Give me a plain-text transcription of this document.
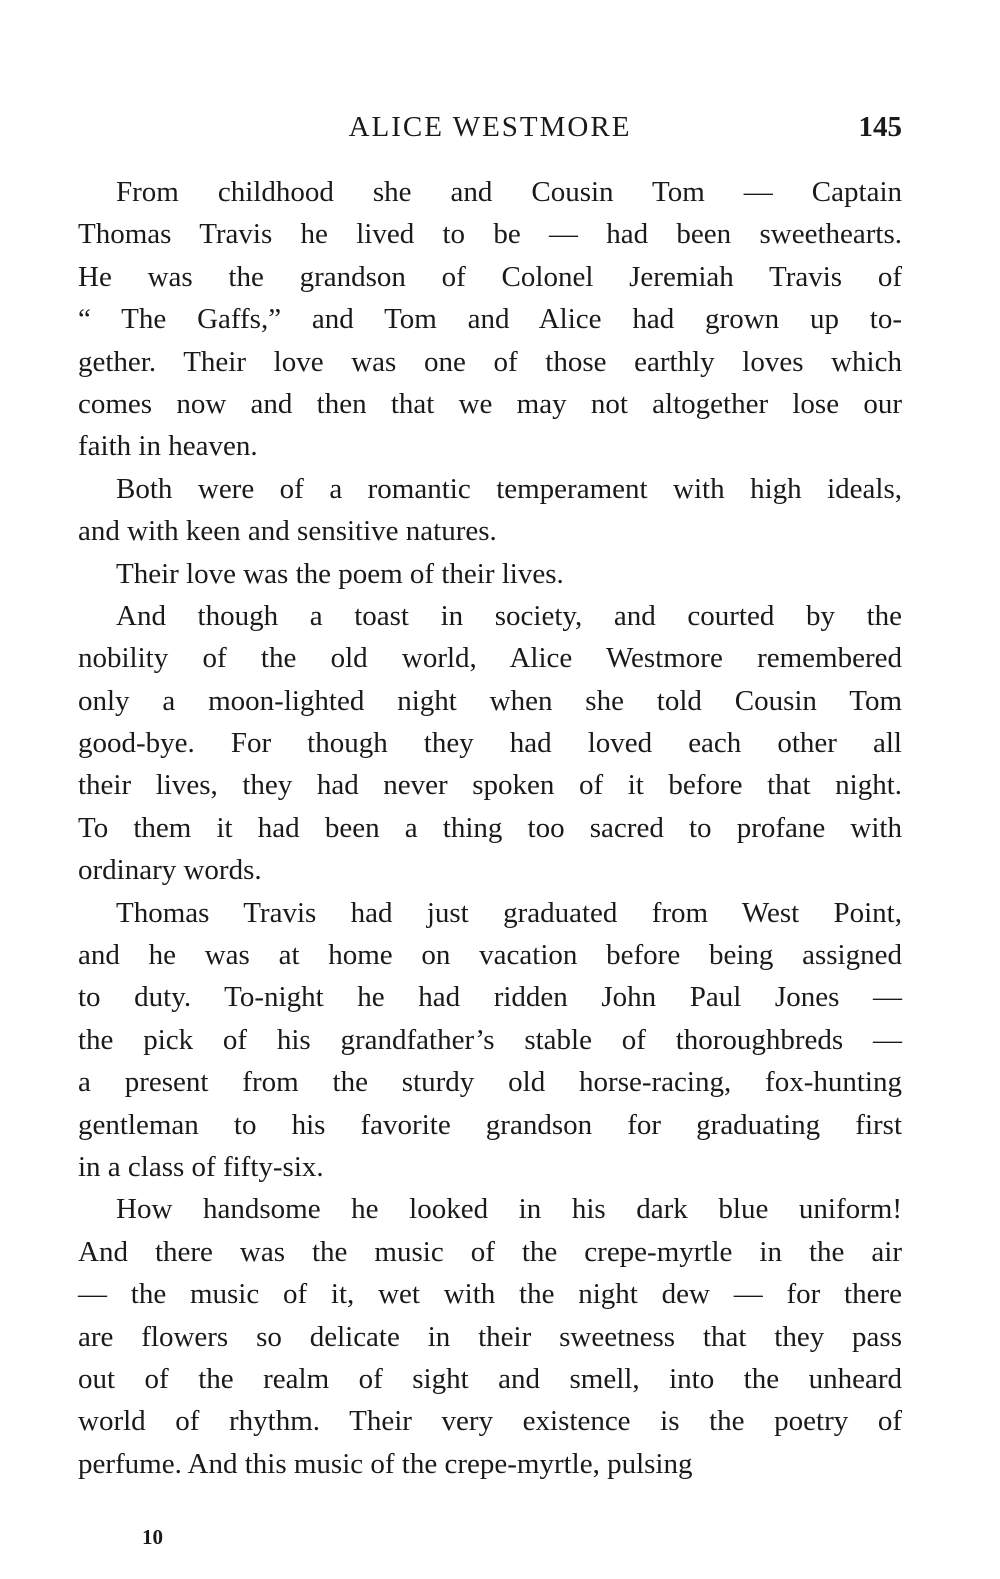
ALICE WESTMORE	145
From childhood she and Cousin Tom — Captain
Thomas Travis he lived to be — had been sweethearts.
He was the grandson of Colonel Jeremiah Travis of
“ The Gaffs,” and Tom and Alice had grown up to-
gether. Their love was one of those earthly loves which
comes now and then that we may not altogether lose our
faith in heaven.
Both were of a romantic temperament with high ideals,
and with keen and sensitive natures.
Their love was the poem of their lives.
And though a toast in society, and courted by the
nobility of the old world, Alice Westmore remembered
only a moon-lighted night when she told Cousin Tom
good-bye. For though they had loved each other all
their lives, they had never spoken of it before that night.
To them it had been a thing too sacred to profane with
ordinary words.
Thomas Travis had just graduated from West Point,
and he was at home on vacation before being assigned
to duty. To-night he had ridden John Paul Jones —
the pick of his grandfather’s stable of thoroughbreds —
a present from the sturdy old horse-racing, fox-hunting
gentleman to his favorite grandson for graduating first
in a class of fifty-six.
How handsome he looked in his dark blue uniform!
And there was the music of the crepe-myrtle in the air
— the music of it, wet with the night dew — for there
are flowers so delicate in their sweetness that they pass
out of the realm of sight and smell, into the unheard
world of rhythm. Their very existence is the poetry of
perfume. And this music of the crepe-myrtle, pulsing
10
